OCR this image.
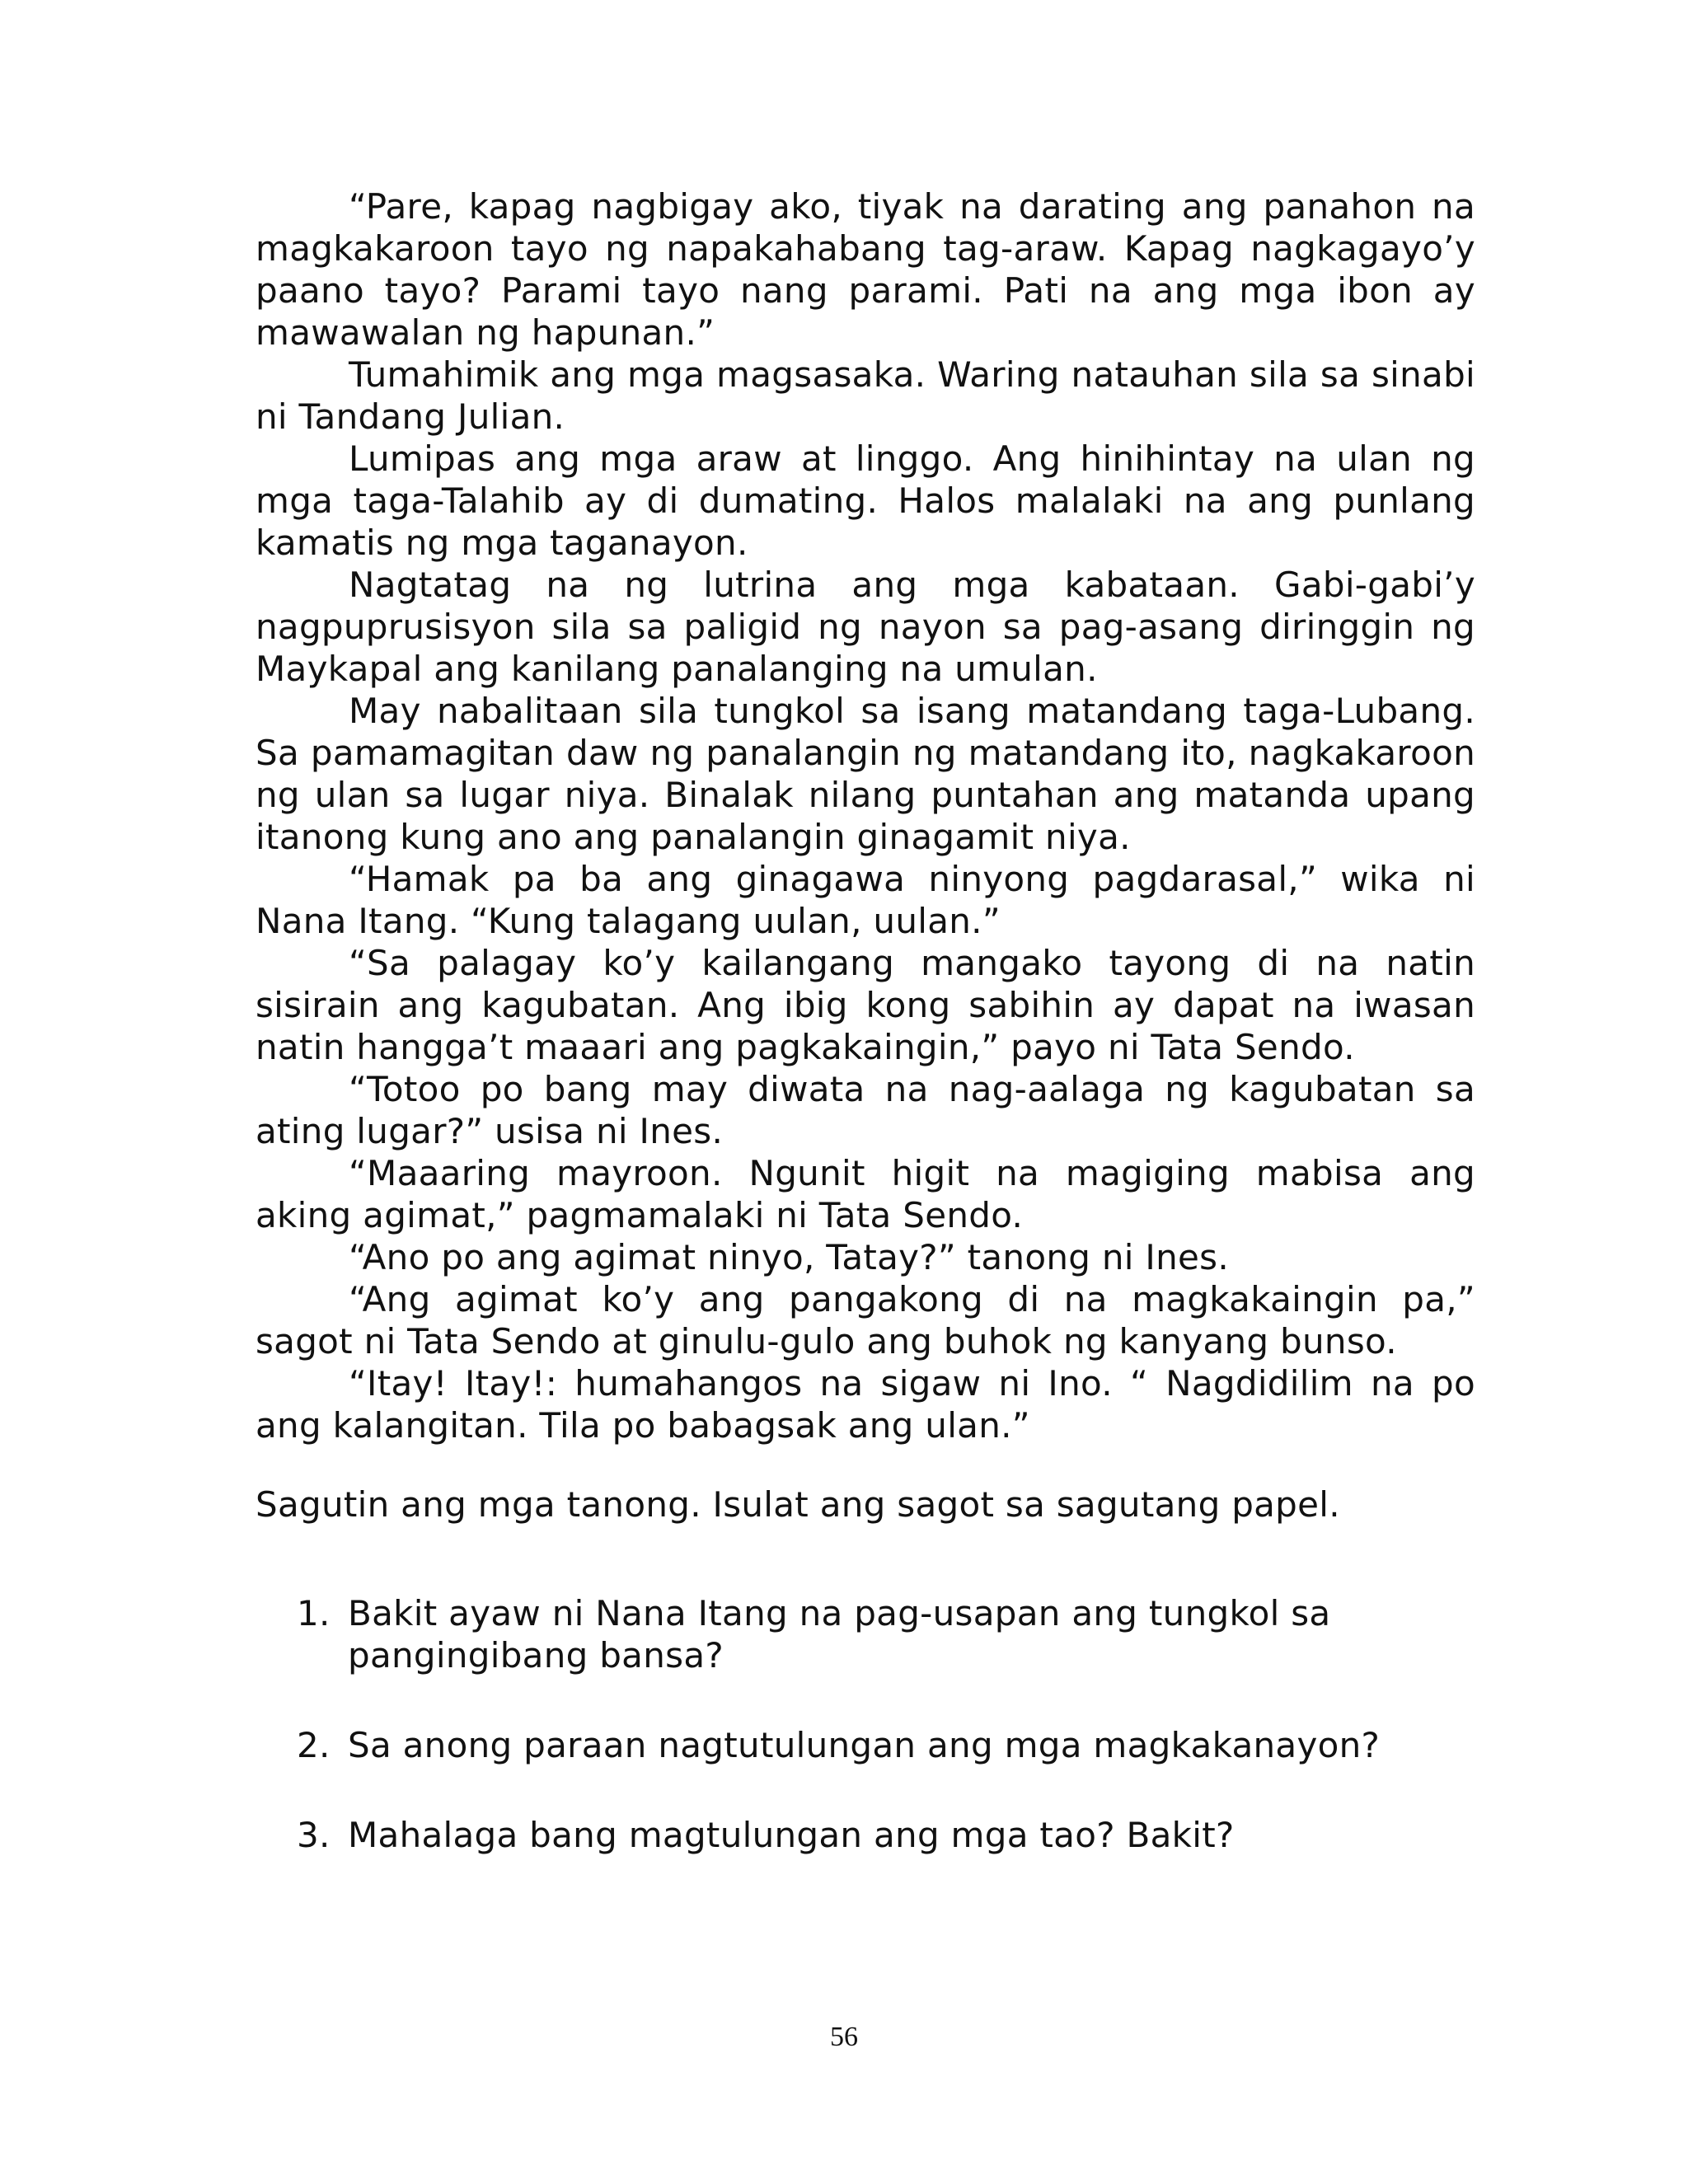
“Pare, kapag nagbigay ako, tiyak na darating ang panahon na magkakaroon tayo ng napakahabang tag-araw. Kapag nagkagayo’y paano tayo? Parami tayo nang parami. Pati na ang mga ibon ay mawawalan ng hapunan.”

Tumahimik ang mga magsasaka. Waring natauhan sila sa sinabi ni Tandang Julian.

Lumipas ang mga araw at linggo. Ang hinihintay na ulan ng mga taga-Talahib ay di dumating. Halos malalaki na ang punlang kamatis ng mga taganayon.

Nagtatag na ng lutrina ang mga kabataan. Gabi-gabi’y nagpuprusisyon sila sa paligid ng nayon sa pag-asang diringgin ng Maykapal ang kanilang panalanging na umulan.

May nabalitaan sila tungkol sa isang matandang taga-Lubang. Sa pamamagitan daw ng panalangin ng matandang ito, nagkakaroon ng ulan sa lugar niya. Binalak nilang puntahan ang matanda upang itanong kung ano ang panalangin ginagamit niya.

“Hamak pa ba ang ginagawa ninyong pagdarasal,” wika ni Nana Itang. “Kung talagang uulan, uulan.”

“Sa palagay ko’y kailangang mangako tayong di na natin sisirain ang kagubatan. Ang ibig kong sabihin ay dapat na iwasan natin hangga’t maaari ang pagkakaingin,” payo ni Tata Sendo.

“Totoo po bang may diwata na nag-aalaga ng kagubatan sa ating lugar?” usisa ni Ines.

“Maaaring mayroon. Ngunit higit na magiging mabisa ang aking agimat,” pagmamalaki ni Tata Sendo.

“Ano po ang agimat ninyo, Tatay?” tanong ni Ines.

“Ang agimat ko’y ang pangakong di na magkakaingin pa,” sagot ni Tata Sendo at ginulu-gulo ang buhok ng kanyang bunso.

“Itay! Itay!: humahangos na sigaw ni Ino. “ Nagdidilim na po ang kalangitan. Tila po babagsak ang ulan.”

Sagutin ang mga tanong. Isulat ang sagot sa sagutang papel.

1. Bakit ayaw ni Nana Itang na pag-usapan ang tungkol sa pangingibang bansa?
2. Sa anong paraan nagtutulungan ang mga magkakanayon?
3. Mahalaga bang magtulungan ang mga tao? Bakit?
56
